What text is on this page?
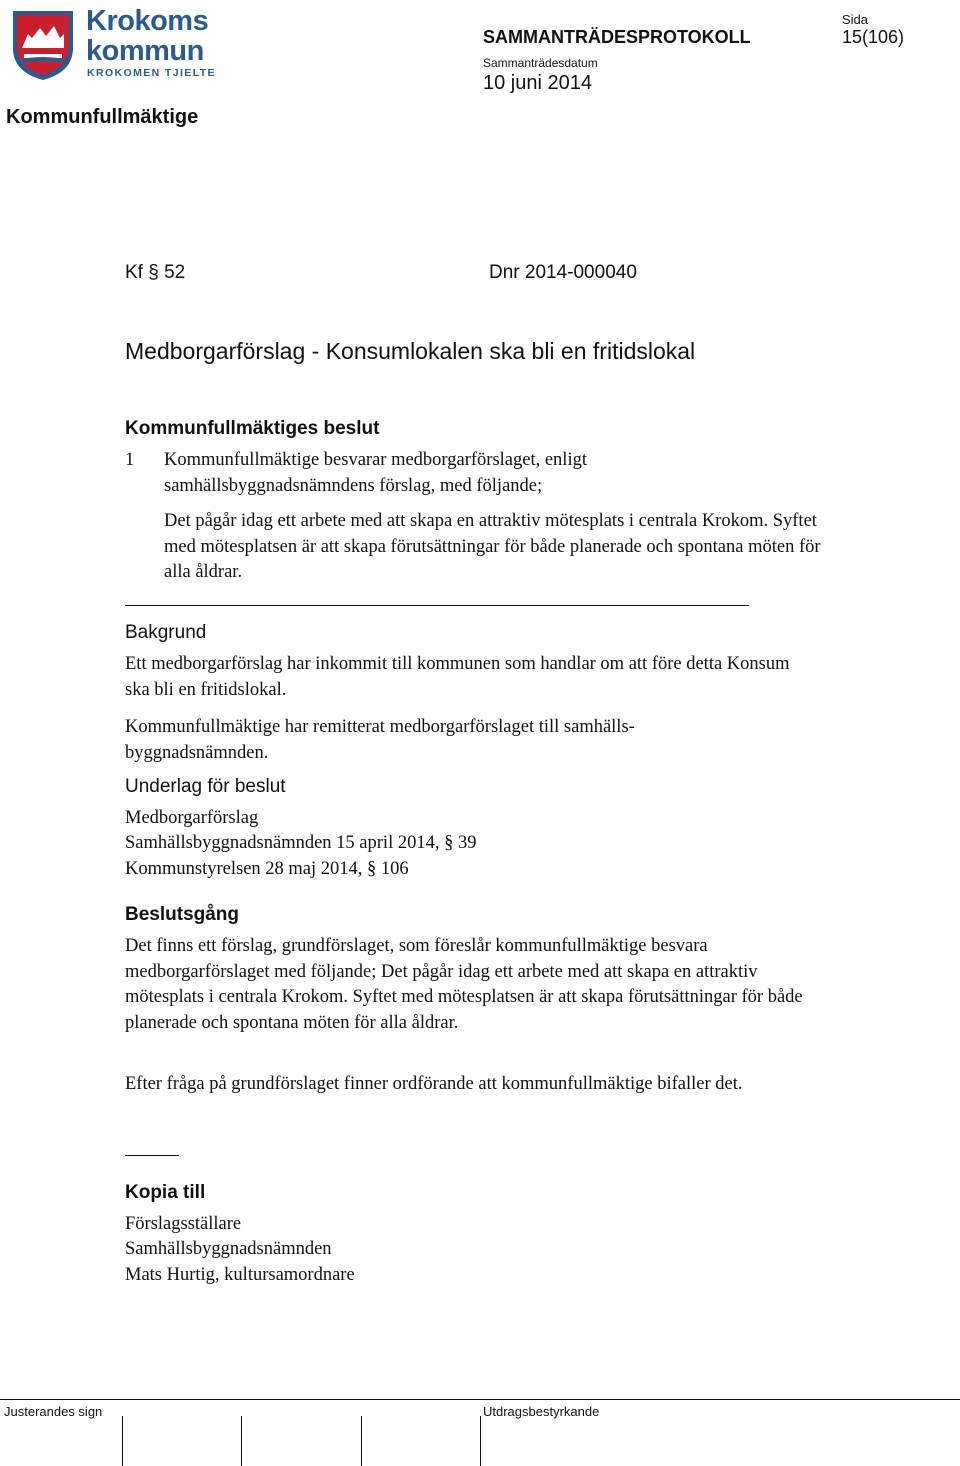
Krokoms
kommun
KROKOMEN TJIELTE
Kommunfullmäktige
SAMMANTRÄDESPROTOKOLL
Sammanträdesdatum
10 juni 2014
Sida
15(106)
Kf § 52	Dnr 2014-000040
Medborgarförslag - Konsumlokalen ska bli en fritidslokal
Kommunfullmäktiges beslut
1 Kommunfullmäktige besvarar medborgarförslaget, enligt samhällsbyggnadsnämndens förslag, med följande;
Det pågår idag ett arbete med att skapa en attraktiv mötesplats i centrala Krokom. Syftet med mötesplatsen är att skapa förutsättningar för både planerade och spontana möten för alla åldrar.
Bakgrund
Ett medborgarförslag har inkommit till kommunen som handlar om att före detta Konsum ska bli en fritidslokal.
Kommunfullmäktige har remitterat medborgarförslaget till samhälls-byggnadsnämnden.
Underlag för beslut
Medborgarförslag
Samhällsbyggnadsnämnden 15 april 2014, § 39
Kommunstyrelsen 28 maj 2014, § 106
Beslutsgång
Det finns ett förslag, grundförslaget, som föreslår kommunfullmäktige besvara medborgarförslaget med följande; Det pågår idag ett arbete med att skapa en attraktiv mötesplats i centrala Krokom. Syftet med mötesplatsen är att skapa förutsättningar för både planerade och spontana möten för alla åldrar.
Efter fråga på grundförslaget finner ordförande att kommunfullmäktige bifaller det.
Kopia till
Förslagsställare
Samhällsbyggnadsnämnden
Mats Hurtig, kultursamordnare
Justerandes sign	Utdragsbestyrkande
